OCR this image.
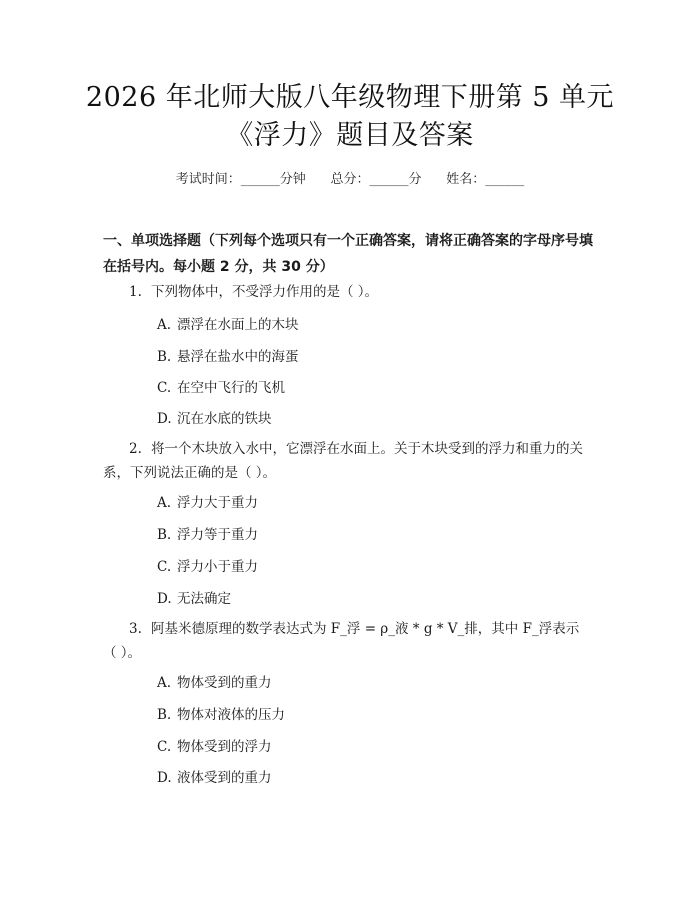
2026 年北师大版八年级物理下册第 5 单元
《浮力》题目及答案
考试时间：______分钟      总分：______分      姓名：______
一、单项选择题（下列每个选项只有一个正确答案，请将正确答案的字母序号填
在括号内。每小题 2 分，共 30 分）
1. 下列物体中，不受浮力作用的是（ ）。
A. 漂浮在水面上的木块
B. 悬浮在盐水中的海蛋
C. 在空中飞行的飞机
D. 沉在水底的铁块
2. 将一个木块放入水中，它漂浮在水面上。关于木块受到的浮力和重力的关
系，下列说法正确的是（ ）。
A. 浮力大于重力
B. 浮力等于重力
C. 浮力小于重力
D. 无法确定
3. 阿基米德原理的数学表达式为 F_浮 = ρ_液 * g * V_排，其中 F_浮表示
（ ）。
A. 物体受到的重力
B. 物体对液体的压力
C. 物体受到的浮力
D. 液体受到的重力
